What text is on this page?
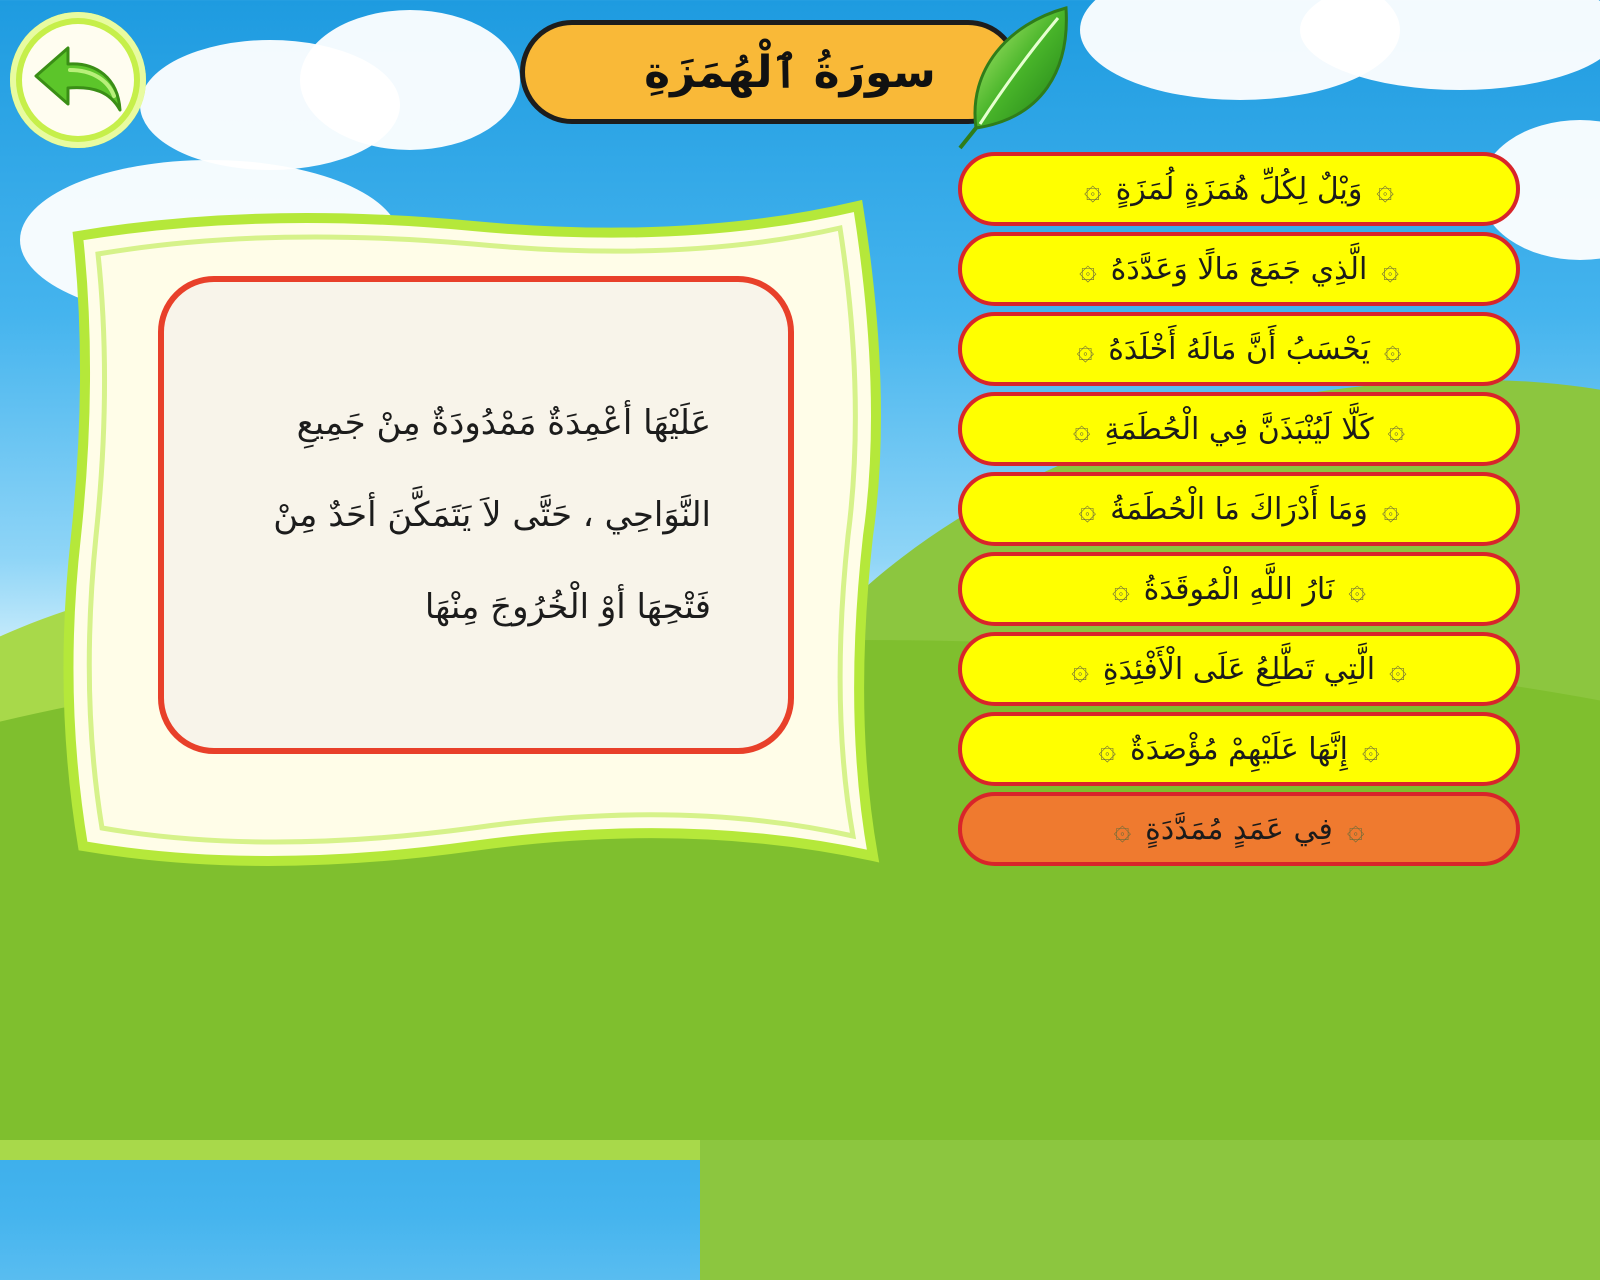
سورَةُ ٱلْهُمَزَةِ
عَلَيْهَا أعْمِدَةٌ مَمْدُودَةٌ مِنْ جَمِيعِ النَّوَاحِي ، حَتَّى لاَ يَتَمَكَّنَ أحَدٌ مِنْ فَتْحِهَا أوْ الْخُرُوجَ مِنْهَا
۞ وَيْلٌ لِكُلِّ هُمَزَةٍ لُمَزَةٍ ۞
۞ الَّذِي جَمَعَ مَالًا وَعَدَّدَهُ ۞
۞ يَحْسَبُ أَنَّ مَالَهُ أَخْلَدَهُ ۞
۞ كَلَّا لَيُنْبَذَنَّ فِي الْحُطَمَةِ ۞
۞ وَمَا أَدْرَاكَ مَا الْحُطَمَةُ ۞
۞ نَارُ اللَّهِ الْمُوقَدَةُ ۞
۞ الَّتِي تَطَّلِعُ عَلَى الْأَفْئِدَةِ ۞
۞ إِنَّهَا عَلَيْهِمْ مُؤْصَدَةٌ ۞
۞ فِي عَمَدٍ مُمَدَّدَةٍ ۞
